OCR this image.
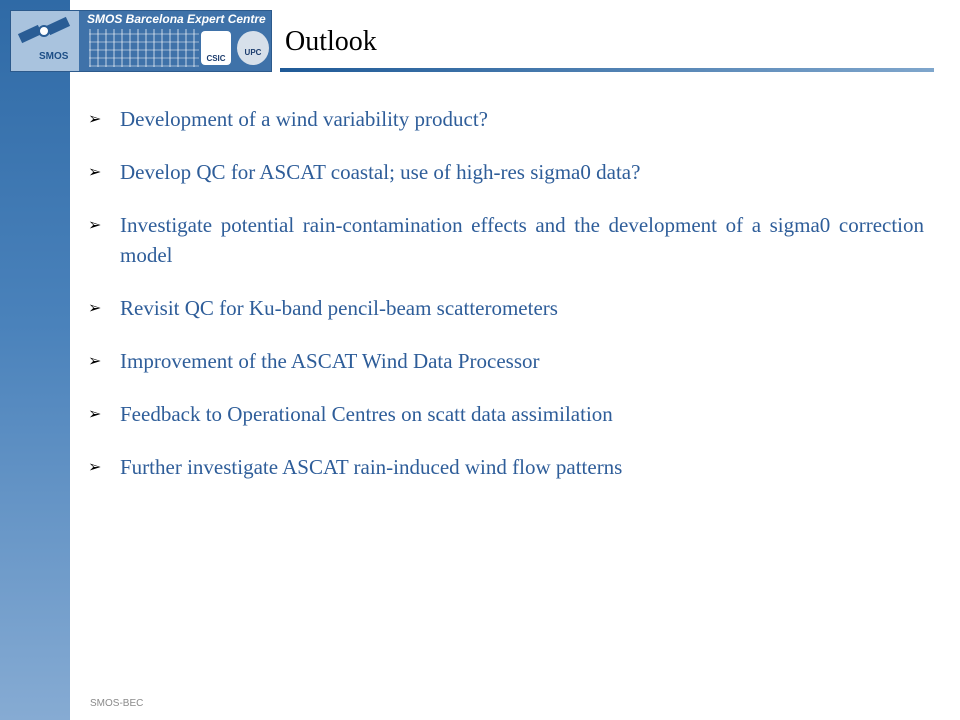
SMOS
SMOS Barcelona Expert Centre
CSIC
UPC Outlook
➢ Development of a wind variability product?
➢ Develop QC for ASCAT coastal; use of high-res sigma0 data?
➢ Investigate potential rain-contamination effects and the development of a sigma0 correction model
➢ Revisit QC for Ku-band pencil-beam scatterometers
➢ Improvement of the ASCAT Wind Data Processor
➢ Feedback to Operational Centres on scatt data assimilation
➢ Further investigate ASCAT rain-induced wind flow patterns
SMOS-BEC
